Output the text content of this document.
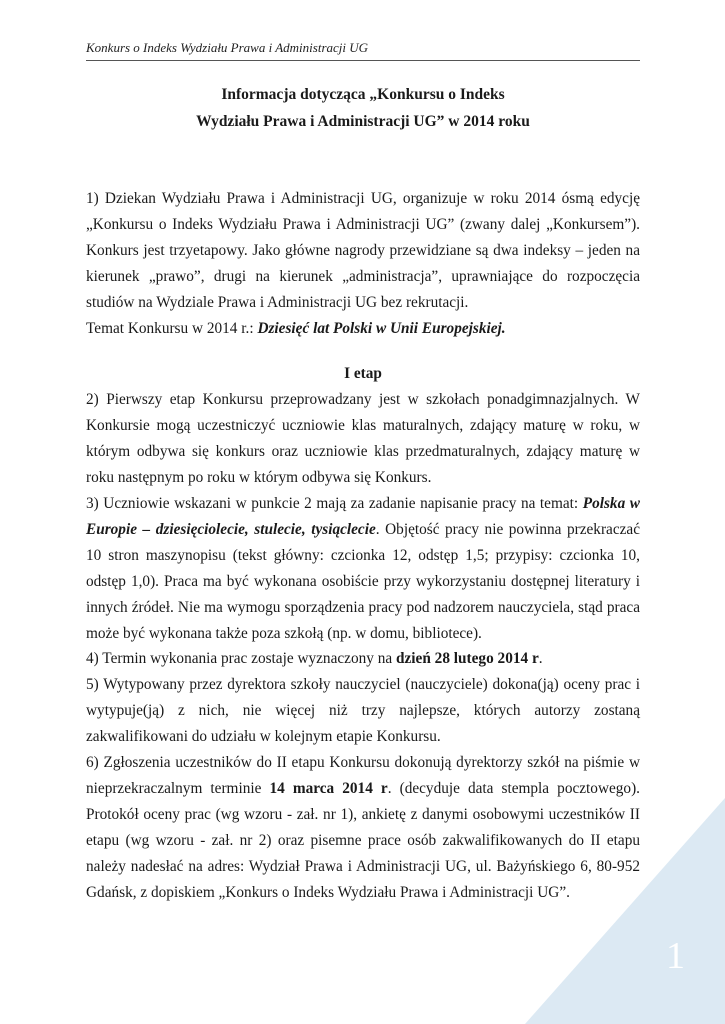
Konkurs o Indeks Wydziału Prawa i Administracji UG
Informacja dotycząca „Konkursu o Indeks
Wydziału Prawa i Administracji UG” w 2014 roku

1) Dziekan Wydziału Prawa i Administracji UG, organizuje w roku 2014 ósmą edycję „Konkursu o Indeks Wydziału Prawa i Administracji UG” (zwany dalej „Konkursem”). Konkurs jest trzyetapowy. Jako główne nagrody przewidziane są dwa indeksy – jeden na kierunek „prawo”, drugi na kierunek „administracja”, uprawniające do rozpoczęcia studiów na Wydziale Prawa i Administracji UG bez rekrutacji.

Temat Konkursu w 2014 r.: Dziesięć lat Polski w Unii Europejskiej.

I etap

2) Pierwszy etap Konkursu przeprowadzany jest w szkołach ponadgimnazjalnych. W Konkursie mogą uczestniczyć uczniowie klas maturalnych, zdający maturę w roku, w którym odbywa się konkurs oraz uczniowie klas przedmaturalnych, zdający maturę w roku następnym po roku w którym odbywa się Konkurs.

3) Uczniowie wskazani w punkcie 2 mają za zadanie napisanie pracy na temat: Polska w Europie – dziesięciolecie, stulecie, tysiąclecie. Objętość pracy nie powinna przekraczać 10 stron maszynopisu (tekst główny: czcionka 12, odstęp 1,5; przypisy: czcionka 10, odstęp 1,0). Praca ma być wykonana osobiście przy wykorzystaniu dostępnej literatury i innych źródeł. Nie ma wymogu sporządzenia pracy pod nadzorem nauczyciela, stąd praca może być wykonana także poza szkołą (np. w domu, bibliotece).

4) Termin wykonania prac zostaje wyznaczony na dzień 28 lutego 2014 r.

5) Wytypowany przez dyrektora szkoły nauczyciel (nauczyciele) dokona(ją) oceny prac i wytypuje(ją) z nich, nie więcej niż trzy najlepsze, których autorzy zostaną zakwalifikowani do udziału w kolejnym etapie Konkursu.

6) Zgłoszenia uczestników do II etapu Konkursu dokonują dyrektorzy szkół na piśmie w nieprzekraczalnym terminie 14 marca 2014 r. (decyduje data stempla pocztowego). Protokół oceny prac (wg wzoru - zał. nr 1), ankietę z danymi osobowymi uczestników II etapu (wg wzoru - zał. nr 2) oraz pisemne prace osób zakwalifikowanych do II etapu należy nadesłać na adres: Wydział Prawa i Administracji UG, ul. Bażyńskiego 6, 80-952 Gdańsk, z dopiskiem „Konkurs o Indeks Wydziału Prawa i Administracji UG”.

1
